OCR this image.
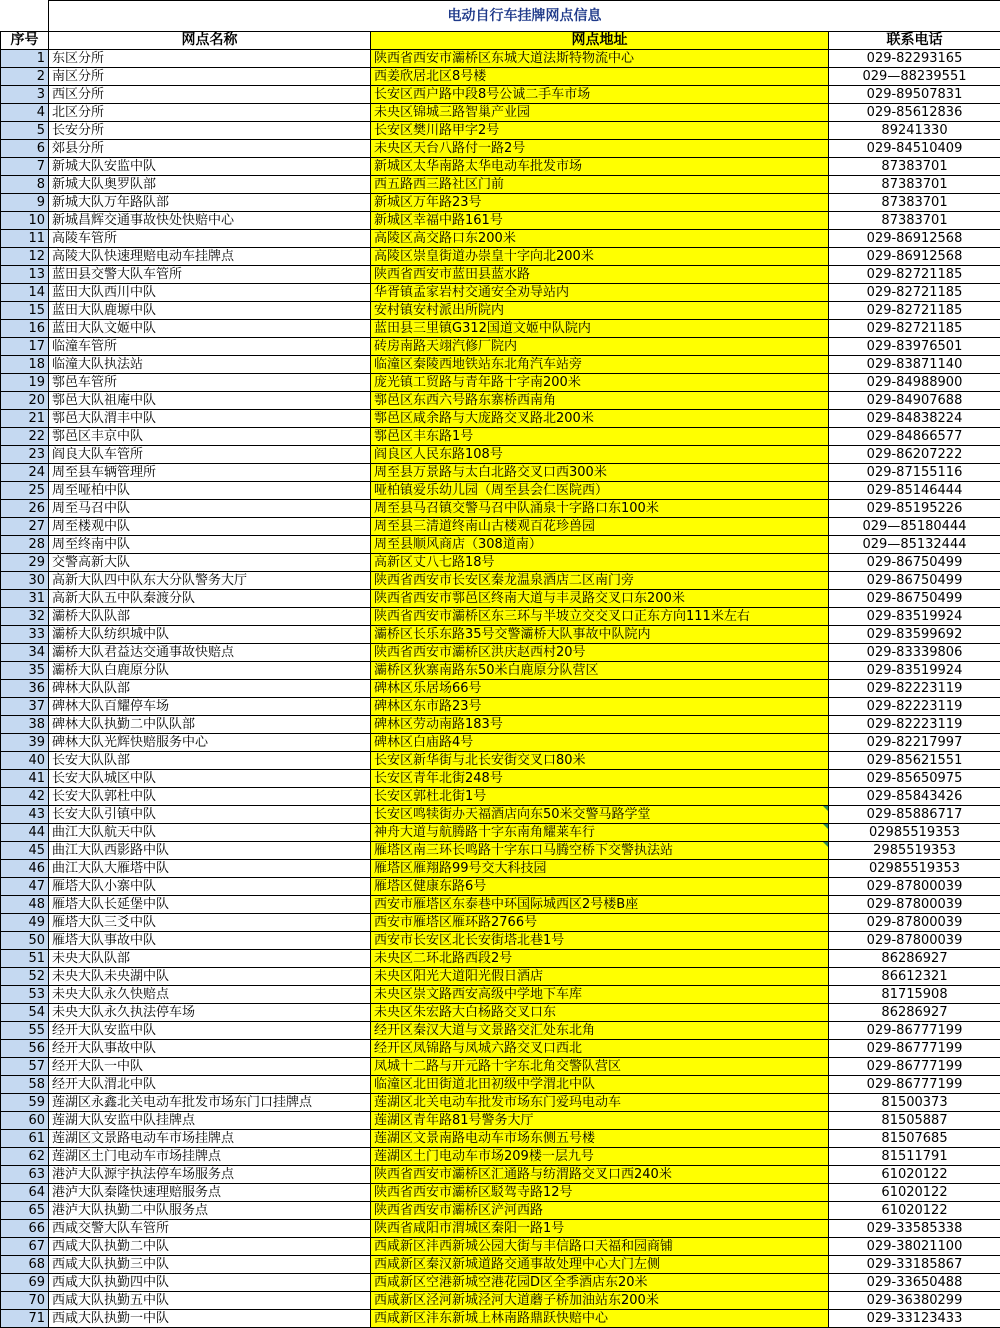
	电动自行车挂牌网点信息		
序号	网点名称	网点地址	联系电话
1	东区分所	陕西省西安市灞桥区东城大道法斯特物流中心	029-82293165
2	南区分所	西姜欣居北区8号楼	029—88239551
3	西区分所	长安区西户路中段8号公诚二手车市场	029-89507831
4	北区分所	未央区锦城三路智巢产业园	029-85612836
5	长安分所	长安区樊川路甲字2号	89241330
6	郊县分所	未央区天台八路付一路2号	029-84510409
7	新城大队安监中队	新城区太华南路太华电动车批发市场	87383701
8	新城大队奥罗队部	西五路西三路社区门前	87383701
9	新城大队万年路队部	新城区万年路23号	87383701
10	新城昌辉交通事故快处快赔中心	新城区幸福中路161号	87383701
11	高陵车管所	高陵区高交路口东200米	029-86912568
12	高陵大队快速理赔电动车挂牌点	高陵区崇皇街道办崇皇十字向北200米	029-86912568
13	蓝田县交警大队车管所	陕西省西安市蓝田县蓝水路	029-82721185
14	蓝田大队西川中队	华胥镇孟家岩村交通安全劝导站内	029-82721185
15	蓝田大队鹿塬中队	安村镇安村派出所院内	029-82721185
16	蓝田大队文姬中队	蓝田县三里镇G312国道文姬中队院内	029-82721185
17	临潼车管所	砖房南路天翊汽修厂院内	029-83976501
18	临潼大队执法站	临潼区秦陵西地铁站东北角汽车站旁	029-83871140
19	鄠邑车管所	庞光镇工贸路与青年路十字南200米	029-84988900
20	鄠邑大队祖庵中队	鄠邑区东西六号路东寨桥西南角	029-84907688
21	鄠邑大队渭丰中队	鄠邑区咸余路与大庞路交叉路北200米	029-84838224
22	鄠邑区丰京中队	鄠邑区丰东路1号	029-84866577
23	阎良大队车管所	阎良区人民东路108号	029-86207222
24	周至县车辆管理所	周至县万景路与太白北路交叉口西300米	029-87155116
25	周至哑柏中队	哑柏镇爱乐幼儿园（周至县会仁医院西）	029-85146444
26	周至马召中队	周至县马召镇交警马召中队涌泉十字路口东100米	029-85195226
27	周至楼观中队	周至县三清道终南山古楼观百花珍兽园	029—85180444
28	周至终南中队	周至县顺风商店（308道南）	029—85132444
29	交警高新大队	高新区丈八七路18号	029-86750499
30	高新大队四中队东大分队警务大厅	陕西省西安市长安区秦龙温泉酒店二区南门旁	029-86750499
31	高新大队五中队秦渡分队	陕西省西安市鄠邑区终南大道与丰灵路交叉口东200米	029-86750499
32	灞桥大队队部	陕西省西安市灞桥区东三环与半坡立交交叉口正东方向111米左右	029-83519924
33	灞桥大队纺织城中队	灞桥区长乐东路35号交警灞桥大队事故中队院内	029-83599692
34	灞桥大队君益达交通事故快赔点	陕西省西安市灞桥区洪庆赵西村20号	029-83339806
35	灞桥大队白鹿原分队	灞桥区狄寨南路东50米白鹿原分队营区	029-83519924
36	碑林大队队部	碑林区乐居场66号	029-82223119
37	碑林大队百耀停车场	碑林区东市路23号	029-82223119
38	碑林大队执勤二中队队部	碑林区劳动南路183号	029-82223119
39	碑林大队光辉快赔服务中心	碑林区白庙路4号	029-82217997
40	长安大队队部	长安区新华街与北长安街交叉口80米	029-85621551
41	长安大队城区中队	长安区青年北街248号	029-85650975
42	长安大队郭杜中队	长安区郭杜北街1号	029-85843426
43	长安大队引镇中队	长安区鸣犊街办天福酒店向东50米交警马路学堂	029-85886717
44	曲江大队航天中队	神舟大道与航腾路十字东南角耀莱车行	02985519353
45	曲江大队西影路中队	雁塔区南三环长鸣路十字东口马腾空桥下交警执法站	2985519353
46	曲江大队大雁塔中队	雁塔区雁翔路99号交大科技园	02985519353
47	雁塔大队小寨中队	雁塔区健康东路6号	029-87800039
48	雁塔大队长延堡中队	西安市雁塔区东泰巷中环国际城西区2号楼B座	029-87800039
49	雁塔大队三爻中队	西安市雁塔区雁环路2766号	029-87800039
50	雁塔大队事故中队	西安市长安区北长安街塔北巷1号	029-87800039
51	未央大队队部	未央区二环北路西段2号	86286927
52	未央大队未央湖中队	未央区阳光大道阳光假日酒店	86612321
53	未央大队永久快赔点	未央区崇文路西安高级中学地下车库	81715908
54	未央大队永久执法停车场	未央区朱宏路大白杨路交叉口东	86286927
55	经开大队安监中队	经开区秦汉大道与文景路交汇处东北角	029-86777199
56	经开大队事故中队	经开区凤锦路与凤城六路交叉口西北	029-86777199
57	经开大队一中队	凤城十二路与开元路十字东北角交警队营区	029-86777199
58	经开大队渭北中队	临潼区北田街道北田初级中学渭北中队	029-86777199
59	莲湖区永鑫北关电动车批发市场东门口挂牌点	莲湖区北关电动车批发市场东门爱玛电动车	81500373
60	莲湖大队安监中队挂牌点	莲湖区青年路81号警务大厅	81505887
61	莲湖区文景路电动车市场挂牌点	莲湖区文景南路电动车市场东侧五号楼	81507685
62	莲湖区土门电动车市场挂牌点	莲湖区土门电动车市场209楼一层九号	81511791
63	港泸大队源宇执法停车场服务点	陕西省西安市灞桥区汇通路与纺渭路交叉口西240米	61020122
64	港泸大队秦隆快速理赔服务点	陕西省西安市灞桥区駁驾寺路12号	61020122
65	港泸大队执勤二中队服务点	陕西省西安市灞桥区浐河西路	61020122
66	西咸交警大队车管所	陕西省咸阳市渭城区秦阳一路1号	029-33585338
67	西咸大队执勤二中队	西咸新区沣西新城公园大街与丰信路口天福和园商铺	029-38021100
68	西咸大队执勤三中队	西咸新区秦汉新城道路交通事故处理中心大门左侧	029-33185867
69	西咸大队执勤四中队	西咸新区空港新城空港花园D区全季酒店东20米	029-33650488
70	西咸大队执勤五中队	西咸新区泾河新城泾河大道蘑子桥加油站东200米	029-36380299
71	西咸大队执勤一中队	西咸新区沣东新城上林南路鼎跃快赔中心	029-33123433
